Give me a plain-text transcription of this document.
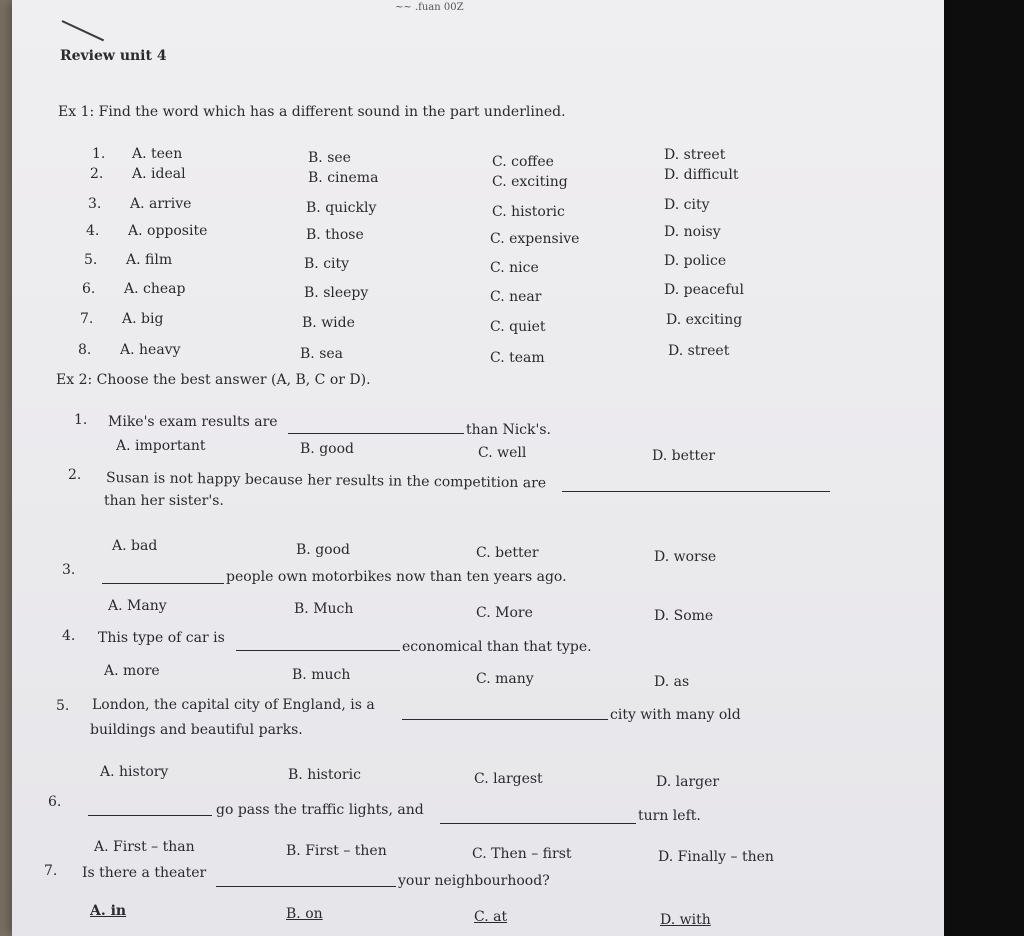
~~ .fuan 00Z
Review unit 4
Ex 1: Find the word which has a different sound in the part underlined.
1. A. teen	B. see	C. coffee	D. street
2. A. ideal	B. cinema	C. exciting	D. difficult
3. A. arrive	B. quickly	C. historic	D. city
4. A. opposite	B. those	C. expensive	D. noisy
5. A. film	B. city	C. nice	D. police
6. A. cheap	B. sleepy	C. near	D. peaceful
7. A. big	B. wide	C. quiet	D. exciting
8. A. heavy	B. sea	C. team	D. street
Ex 2: Choose the best answer (A, B, C or D).
1. Mike's exam results are	than Nick's.
A. important	B. good	C. well	D. better
2. Susan is not happy because her results in the competition are
than her sister's.
A. bad	B. good	C. better	D. worse
3.	people own motorbikes now than ten years ago.
A. Many	B. Much	C. More	D. Some
4. This type of car is
economical than that type.
A. more	B. much	C. many	D. as
5. London, the capital city of England, is a
city with many old
buildings and beautiful parks.
A. history	B. historic	C. largest	D. larger
6.	go pass the traffic lights, and	turn left.
A. First – than	B. First – then	C. Then – first	D. Finally – then
7. Is there a theater	your neighbourhood?
A. in	B. on	C. at	D. with
